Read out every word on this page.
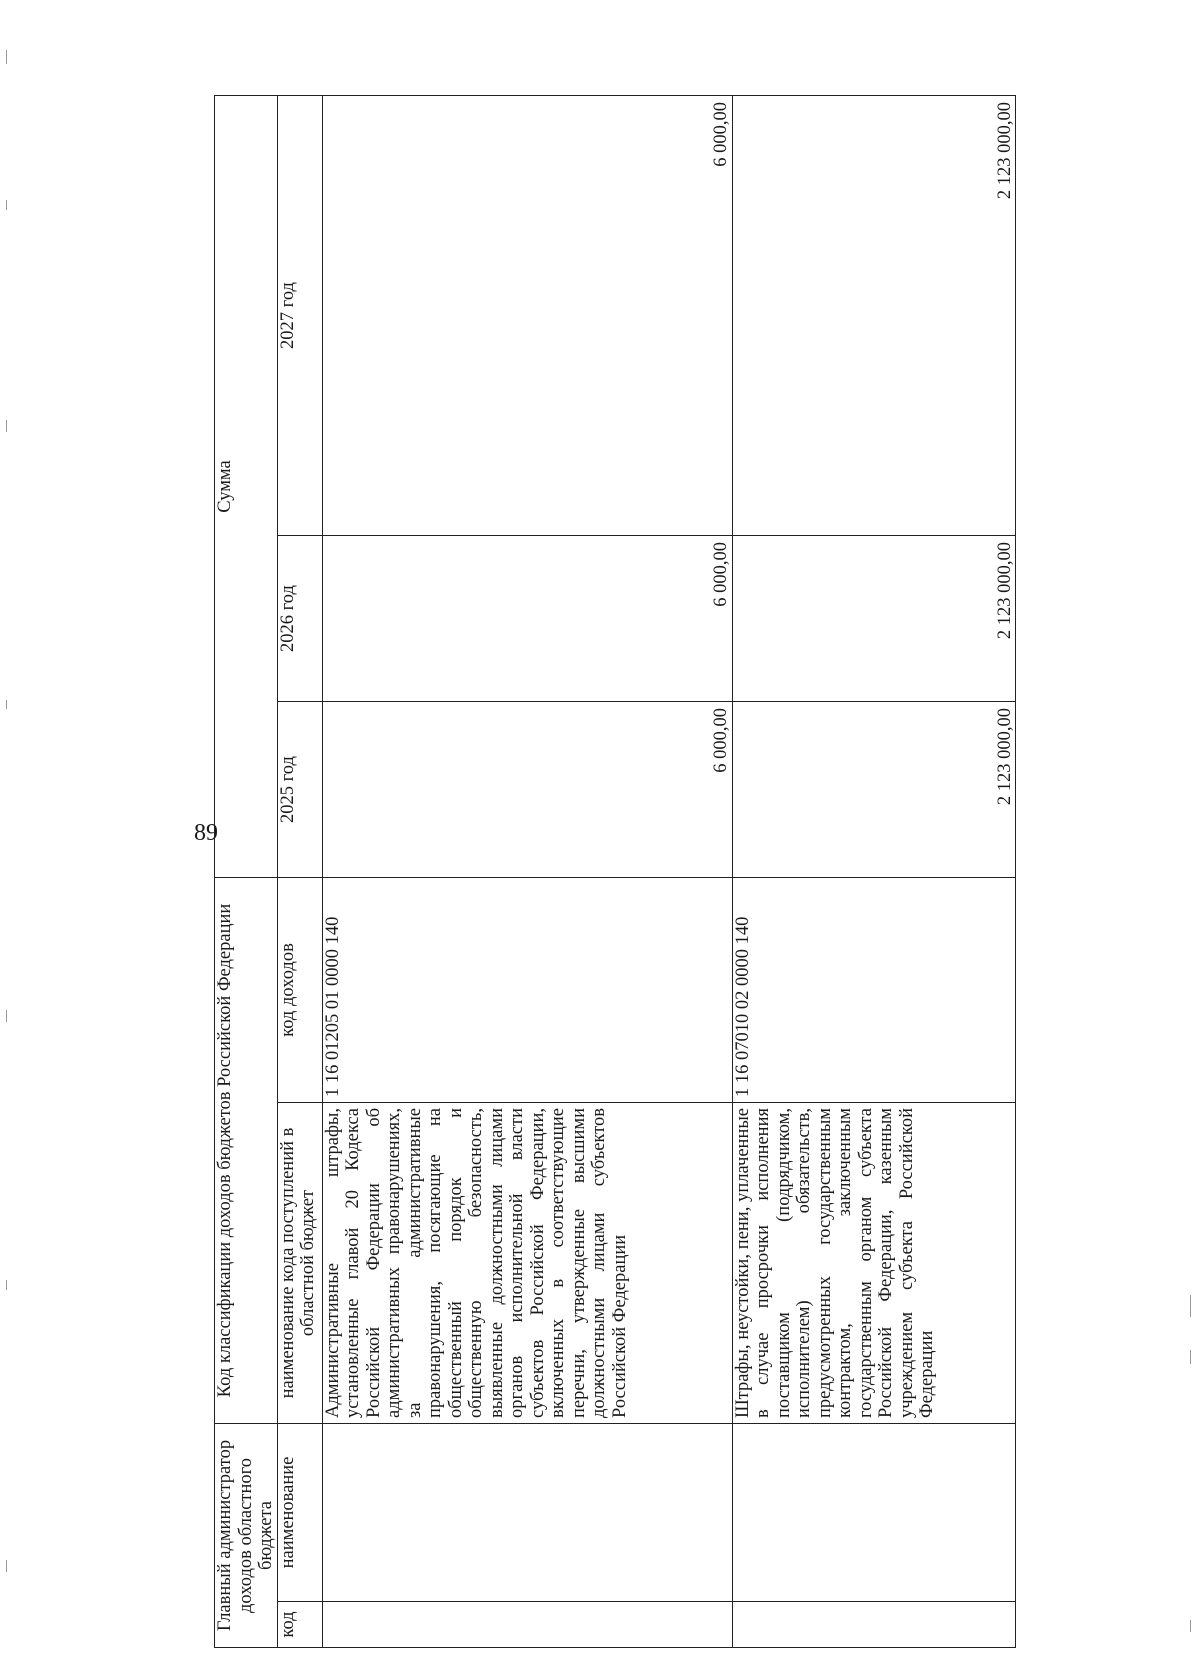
89
Главный администратор доходов областного бюджета		Код классификации доходов бюджетов Российской Федерации		Сумма		
код	наименование	наименование кода поступлений в областной бюджет	код доходов	2025 год	2026 год	2027 год
		Административные штрафы, установленные главой 20 Кодекса Российской Федерации об административных правонарушениях, за административные правонарушения, посягающие на общественный порядок и общественную безопасность, выявленные должностными лицами органов исполнительной власти субъектов Российской Федерации, включенных в соответствующие перечни, утвержденные высшими должностными лицами субъектов Российской Федерации	1 16 01205 01 0000 140	6 000,00	6 000,00	6 000,00
		Штрафы, неустойки, пени, уплаченные в случае просрочки исполнения поставщиком (подрядчиком, исполнителем) обязательств, предусмотренных государственным контрактом, заключенным государственным органом субъекта Российской Федерации, казенным учреждением субъекта Российской Федерации	1 16 07010 02 0000 140	2 123 000,00	2 123 000,00	2 123 000,00
